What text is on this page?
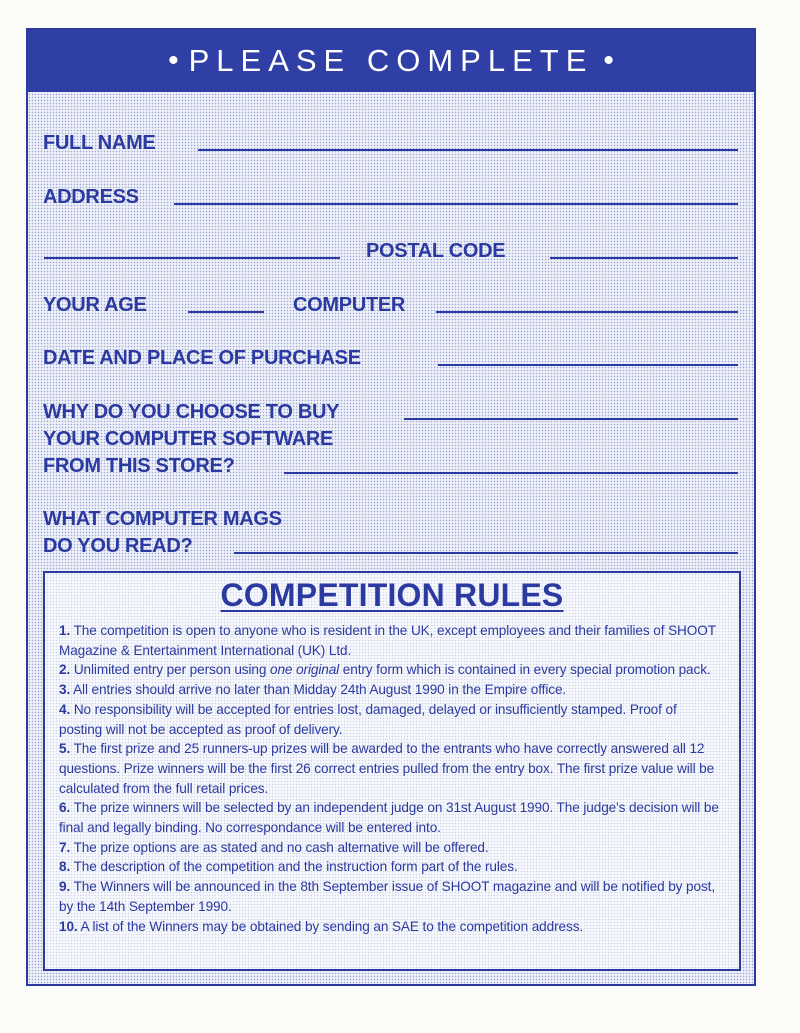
• PLEASE COMPLETE •
FULL NAME
ADDRESS
POSTAL CODE
YOUR AGE	COMPUTER
DATE AND PLACE OF PURCHASE
WHY DO YOU CHOOSE TO BUY
YOUR COMPUTER SOFTWARE
FROM THIS STORE?
WHAT COMPUTER MAGS
DO YOU READ?
COMPETITION RULES
1. The competition is open to anyone who is resident in the UK, except employees and their families of SHOOT Magazine & Entertainment International (UK) Ltd.
2. Unlimited entry per person using one original entry form which is contained in every special promotion pack.
3. All entries should arrive no later than Midday 24th August 1990 in the Empire office.
4. No responsibility will be accepted for entries lost, damaged, delayed or insufficiently stamped. Proof of posting will not be accepted as proof of delivery.
5. The first prize and 25 runners-up prizes will be awarded to the entrants who have correctly answered all 12 questions. Prize winners will be the first 26 correct entries pulled from the entry box. The first prize value will be calculated from the full retail prices.
6. The prize winners will be selected by an independent judge on 31st August 1990. The judge's decision will be final and legally binding. No correspondance will be entered into.
7. The prize options are as stated and no cash alternative will be offered.
8. The description of the competition and the instruction form part of the rules.
9. The Winners will be announced in the 8th September issue of SHOOT magazine and will be notified by post, by the 14th September 1990.
10. A list of the Winners may be obtained by sending an SAE to the competition address.
